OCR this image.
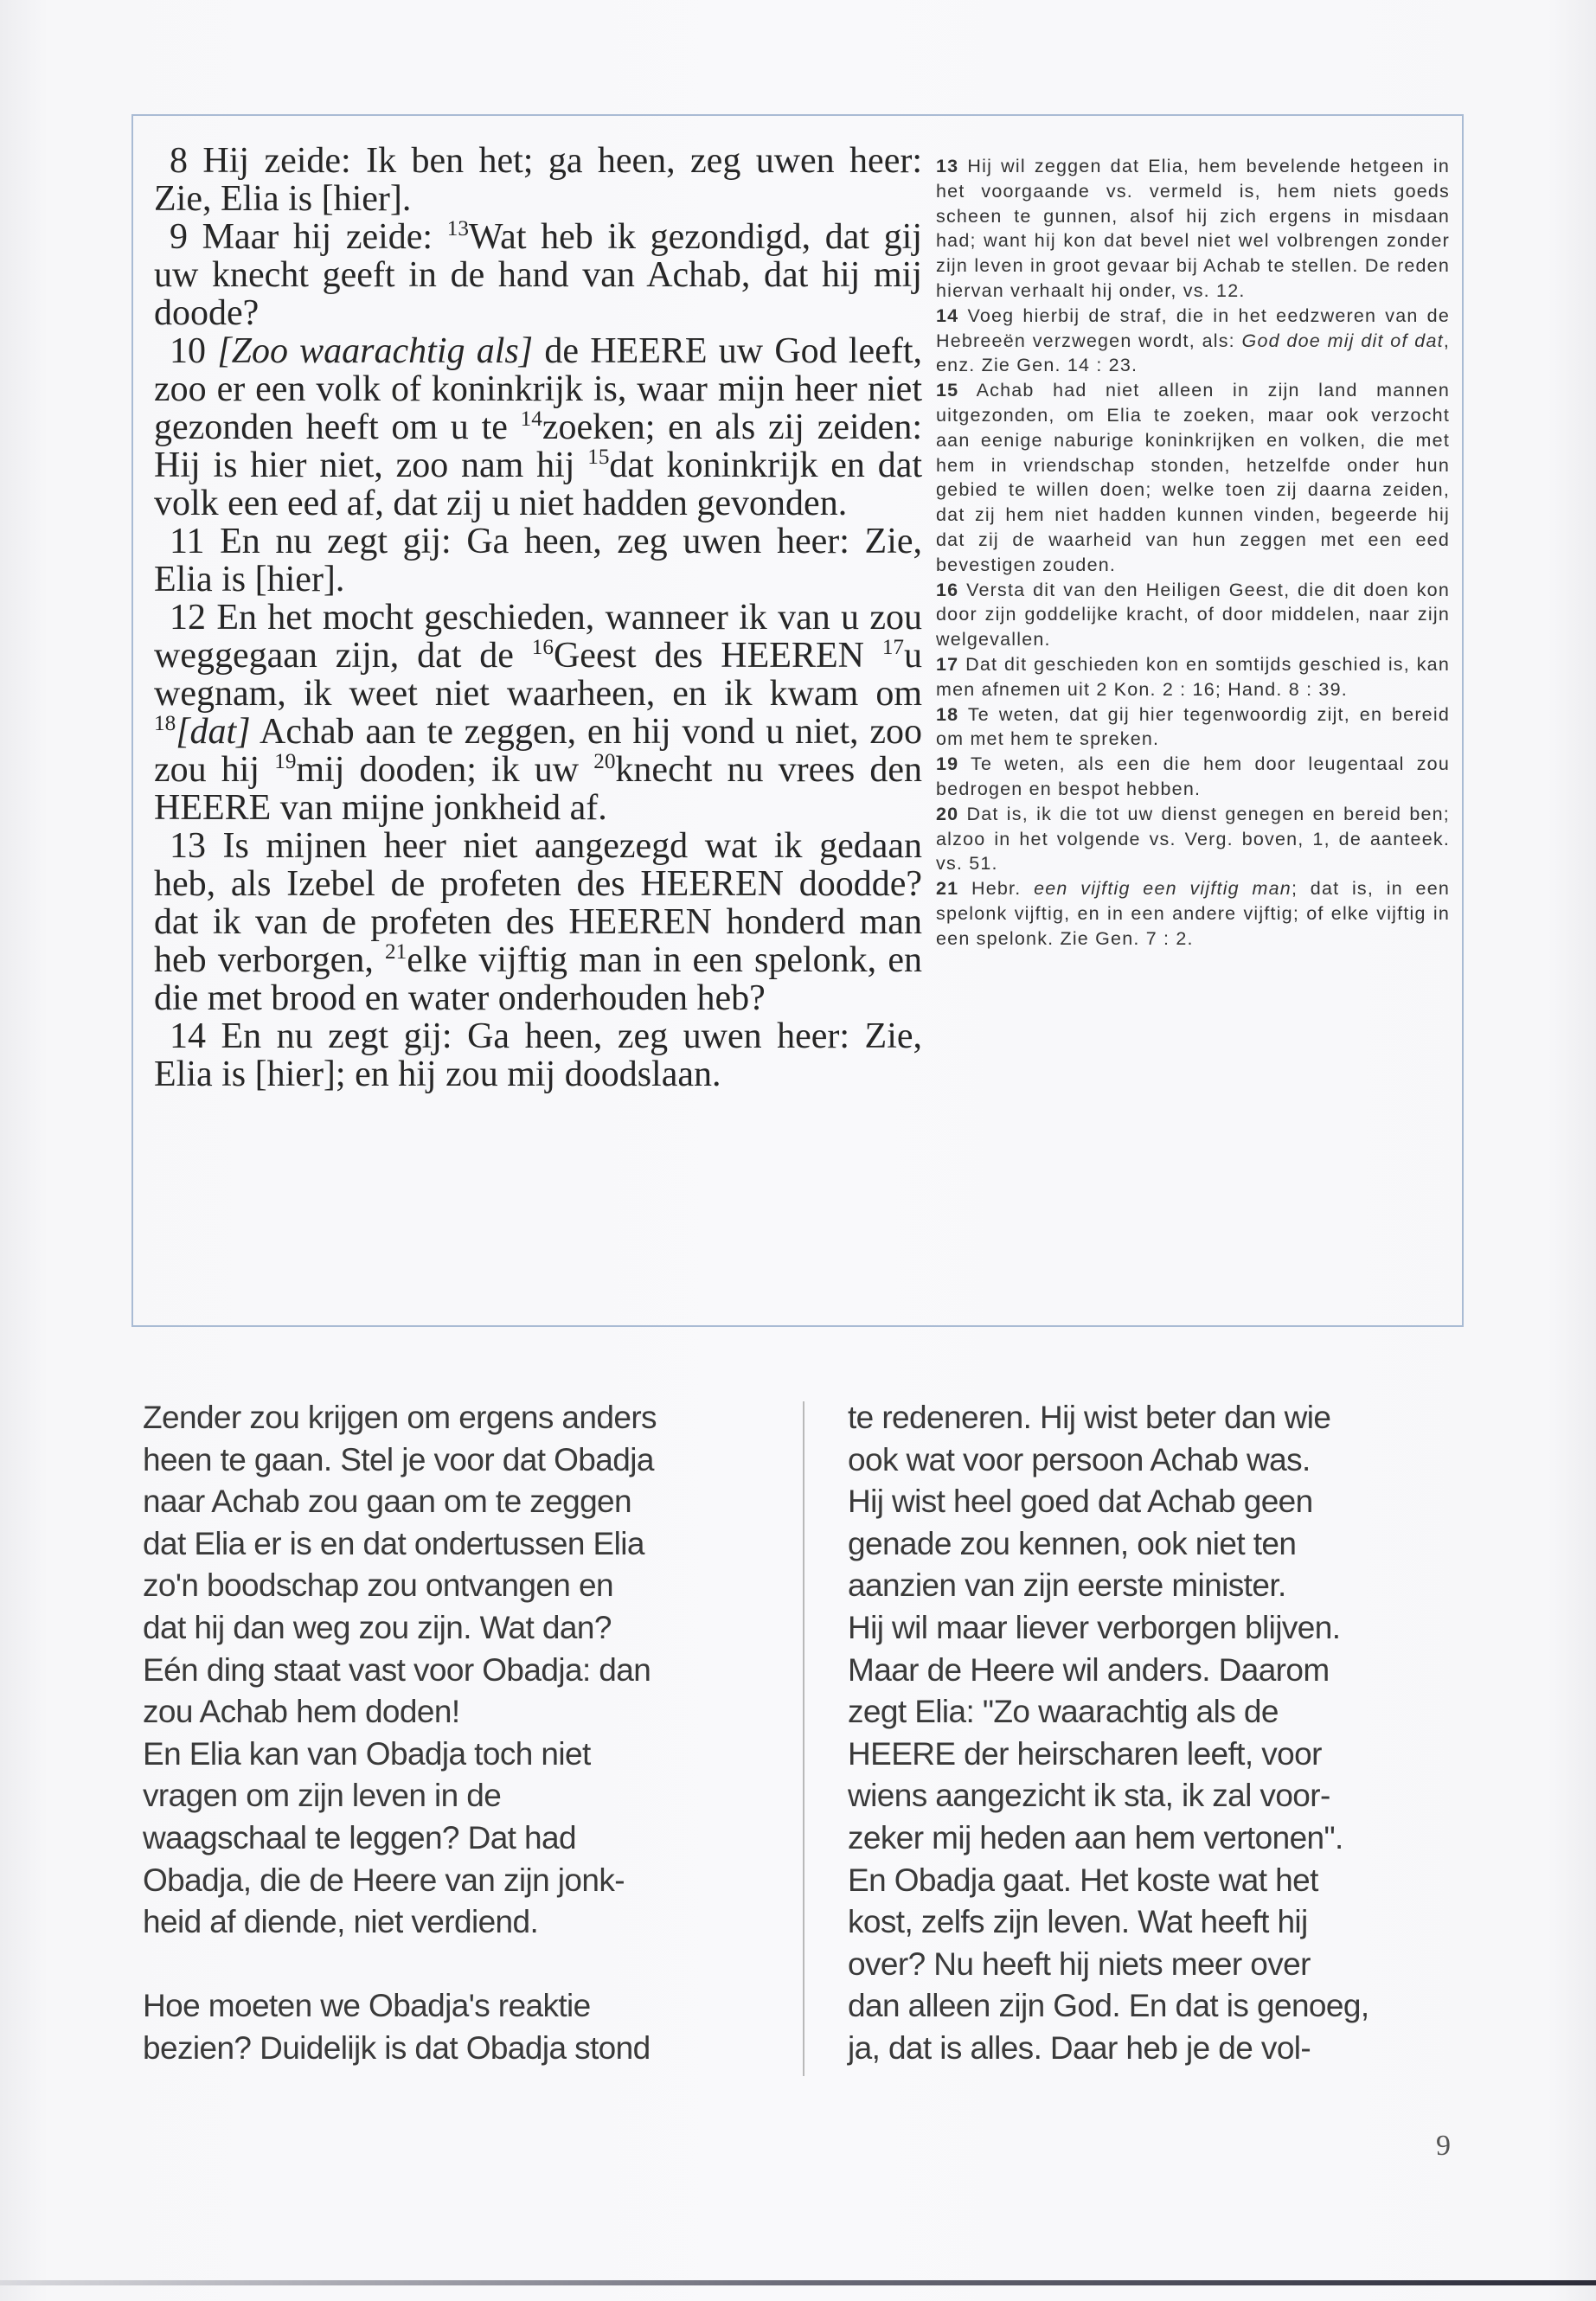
8 Hij zeide: Ik ben het; ga heen, zeg uwen heer: Zie, Elia is [hier].

9 Maar hij zeide: $^{13}$Wat heb ik gezondigd, dat gij uw knecht geeft in de hand van Achab, dat hij mij doode?

10 [Zoo waarachtig als] de HEERE uw God leeft, zoo er een volk of koninkrijk is, waar mijn heer niet gezonden heeft om u te $^{14}$zoeken; en als zij zeiden: Hij is hier niet, zoo nam hij $^{15}$dat koninkrijk en dat volk een eed af, dat zij u niet hadden gevonden.

11 En nu zegt gij: Ga heen, zeg uwen heer: Zie, Elia is [hier].

12 En het mocht geschieden, wanneer ik van u zou weggegaan zijn, dat de $^{16}$Geest des HEEREN $^{17}$u wegnam, ik weet niet waarheen, en ik kwam om $^{18}$[dat] Achab aan te zeggen, en hij vond u niet, zoo zou hij $^{19}$mij dooden; ik uw $^{20}$knecht nu vrees den HEERE van mijne jonkheid af.

13 Is mijnen heer niet aangezegd wat ik gedaan heb, als Izebel de profeten des HEEREN doodde? dat ik van de profeten des HEEREN honderd man heb verborgen, $^{21}$elke vijftig man in een spelonk, en die met brood en water onderhouden heb?

14 En nu zegt gij: Ga heen, zeg uwen heer: Zie, Elia is [hier]; en hij zou mij doodslaan.

13 Hij wil zeggen dat Elia, hem bevelende hetgeen in het voorgaande vs. vermeld is, hem niets goeds scheen te gunnen, alsof hij zich ergens in misdaan had; want hij kon dat bevel niet wel volbrengen zonder zijn leven in groot gevaar bij Achab te stellen. De reden hiervan verhaalt hij onder, vs. 12.

14 Voeg hierbij de straf, die in het eedzweren van de Hebreeën verzwegen wordt, als: God doe mij dit of dat, enz. Zie Gen. 14 : 23.

15 Achab had niet alleen in zijn land mannen uitgezonden, om Elia te zoeken, maar ook verzocht aan eenige naburige koninkrijken en volken, die met hem in vriendschap stonden, hetzelfde onder hun gebied te willen doen; welke toen zij daarna zeiden, dat zij hem niet hadden kunnen vinden, begeerde hij dat zij de waarheid van hun zeggen met een eed bevestigen zouden.

16 Versta dit van den Heiligen Geest, die dit doen kon door zijn goddelijke kracht, of door middelen, naar zijn welgevallen.

17 Dat dit geschieden kon en somtijds geschied is, kan men afnemen uit 2 Kon. 2 : 16; Hand. 8 : 39.

18 Te weten, dat gij hier tegenwoordig zijt, en bereid om met hem te spreken.

19 Te weten, als een die hem door leugentaal zou bedrogen en bespot hebben.

20 Dat is, ik die tot uw dienst genegen en bereid ben; alzoo in het volgende vs. Verg. boven, 1, de aanteek. vs. 51.

21 Hebr. een vijftig een vijftig man; dat is, in een spelonk vijftig, en in een andere vijftig; of elke vijftig in een spelonk. Zie Gen. 7 : 2.

Zender zou krijgen om ergens anders

heen te gaan. Stel je voor dat Obadja

naar Achab zou gaan om te zeggen

dat Elia er is en dat ondertussen Elia

zo'n boodschap zou ontvangen en

dat hij dan weg zou zijn. Wat dan?

Eén ding staat vast voor Obadja: dan

zou Achab hem doden!

En Elia kan van Obadja toch niet

vragen om zijn leven in de

waagschaal te leggen? Dat had

Obadja, die de Heere van zijn jonk-

heid af diende, niet verdiend.

Hoe moeten we Obadja's reaktie

bezien? Duidelijk is dat Obadja stond

te redeneren. Hij wist beter dan wie

ook wat voor persoon Achab was.

Hij wist heel goed dat Achab geen

genade zou kennen, ook niet ten

aanzien van zijn eerste minister.

Hij wil maar liever verborgen blijven.

Maar de Heere wil anders. Daarom

zegt Elia: "Zo waarachtig als de

HEERE der heirscharen leeft, voor

wiens aangezicht ik sta, ik zal voor-

zeker mij heden aan hem vertonen".

En Obadja gaat. Het koste wat het

kost, zelfs zijn leven. Wat heeft hij

over? Nu heeft hij niets meer over

dan alleen zijn God. En dat is genoeg,

ja, dat is alles. Daar heb je de vol-

9
